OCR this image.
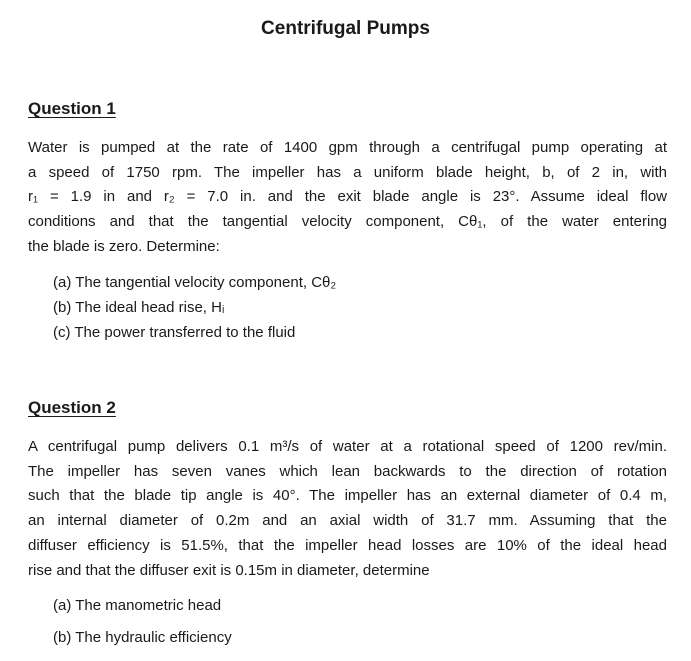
Centrifugal Pumps
Question 1
Water is pumped at the rate of 1400 gpm through a centrifugal pump operating at
a speed of 1750 rpm. The impeller has a uniform blade height, b, of 2 in, with
r₁ = 1.9 in and r₂ = 7.0 in. and the exit blade angle is 23°. Assume ideal flow
conditions and that the tangential velocity component, Cθ₁, of the water entering
the blade is zero. Determine:
(a) The tangential velocity component, Cθ₂
(b) The ideal head rise, Hᵢ
(c) The power transferred to the fluid
Question 2
A centrifugal pump delivers 0.1 m³/s of water at a rotational speed of 1200 rev/min.
The impeller has seven vanes which lean backwards to the direction of rotation
such that the blade tip angle is 40°. The impeller has an external diameter of 0.4 m,
an internal diameter of 0.2m and an axial width of 31.7 mm. Assuming that the
diffuser efficiency is 51.5%, that the impeller head losses are 10% of the ideal head
rise and that the diffuser exit is 0.15m in diameter, determine
(a) The manometric head
(b) The hydraulic efficiency
